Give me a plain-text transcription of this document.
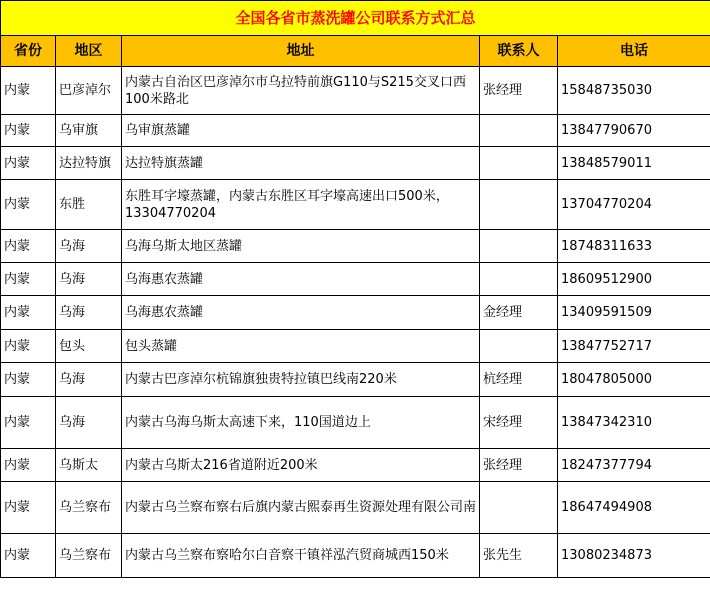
全国各省市蒸洗罐公司联系方式汇总				
省份	地区	地址	联系人	电话
内蒙	巴彦淖尔	内蒙古自治区巴彦淖尔市乌拉特前旗G110与S215交叉口西100米路北	张经理	15848735030
内蒙	乌审旗	乌审旗蒸罐		13847790670
内蒙	达拉特旗	达拉特旗蒸罐		13848579011
内蒙	东胜	东胜耳字壕蒸罐，内蒙古东胜区耳字壕高速出口500米，13304770204		13704770204
内蒙	乌海	乌海乌斯太地区蒸罐		18748311633
内蒙	乌海	乌海惠农蒸罐		18609512900
内蒙	乌海	乌海惠农蒸罐	金经理	13409591509
内蒙	包头	包头蒸罐		13847752717
内蒙	乌海	内蒙古巴彦淖尔杭锦旗独贵特拉镇巴线南220米	杭经理	18047805000
内蒙	乌海	内蒙古乌海乌斯太高速下来，110国道边上	宋经理	13847342310
内蒙	乌斯太	内蒙古乌斯太216省道附近200米	张经理	18247377794
内蒙	乌兰察布	内蒙古乌兰察布察右后旗内蒙古熙泰再生资源处理有限公司南		18647494908
内蒙	乌兰察布	内蒙古乌兰察布察哈尔白音察干镇祥泓汽贸商城西150米	张先生	13080234873
